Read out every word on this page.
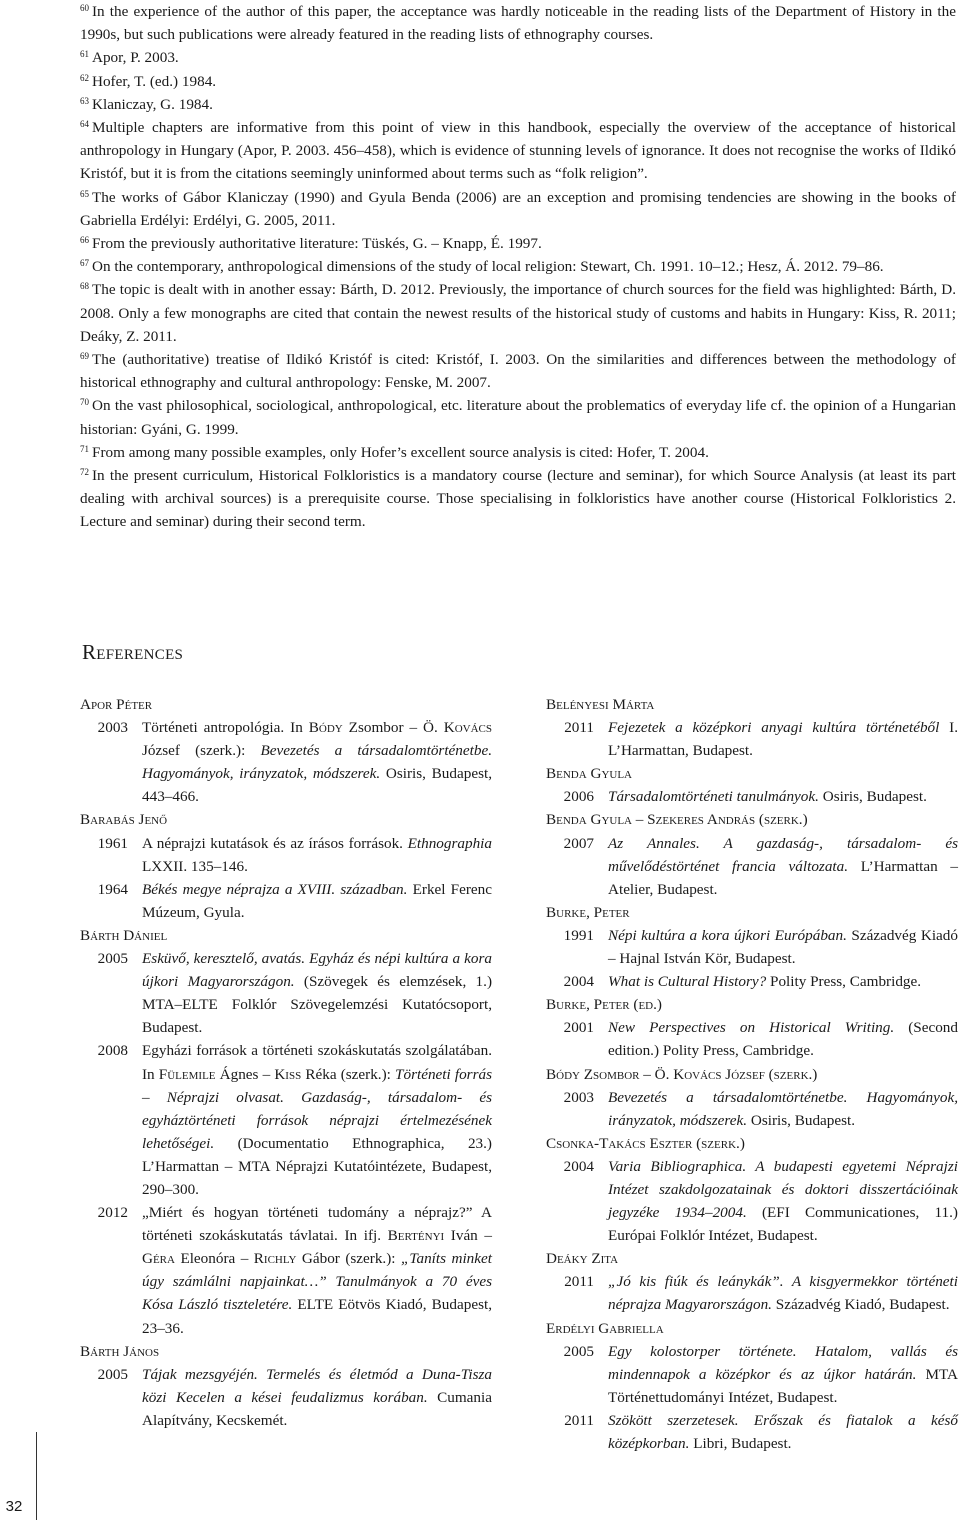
$^{60}$ In the experience of the author of this paper, the acceptance was hardly noticeable in the reading lists of the Department of History in the 1990s, but such publications were already featured in the reading lists of ethnography courses.

$^{61}$ Apor, P. 2003.

$^{62}$ Hofer, T. (ed.) 1984.

$^{63}$ Klaniczay, G. 1984.

$^{64}$ Multiple chapters are informative from this point of view in this handbook, especially the overview of the acceptance of historical anthropology in Hungary (Apor, P. 2003. 456–458), which is evidence of stunning levels of ignorance. It does not recognise the works of Ildikó Kristóf, but it is from the citations seemingly uninformed about terms such as “folk religion”.

$^{65}$ The works of Gábor Klaniczay (1990) and Gyula Benda (2006) are an exception and promising tendencies are showing in the books of Gabriella Erdélyi: Erdélyi, G. 2005, 2011.

$^{66}$ From the previously authoritative literature: Tüskés, G. – Knapp, É. 1997.

$^{67}$ On the contemporary, anthropological dimensions of the study of local religion: Stewart, Ch. 1991. 10–12.; Hesz, Á. 2012. 79–86.

$^{68}$ The topic is dealt with in another essay: Bárth, D. 2012. Previously, the importance of church sources for the field was highlighted: Bárth, D. 2008. Only a few monographs are cited that contain the newest results of the historical study of customs and habits in Hungary: Kiss, R. 2011; Deáky, Z. 2011.

$^{69}$ The (authoritative) treatise of Ildikó Kristóf is cited: Kristóf, I. 2003. On the similarities and differences between the methodology of historical ethnography and cultural anthropology: Fenske, M. 2007.

$^{70}$ On the vast philosophical, sociological, anthropological, etc. literature about the problematics of everyday life cf. the opinion of a Hungarian historian: Gyáni, G. 1999.

$^{71}$ From among many possible examples, only Hofer’s excellent source analysis is cited: Hofer, T. 2004.

$^{72}$ In the present curriculum, Historical Folkloristics is a mandatory course (lecture and seminar), for which Source Analysis (at least its part dealing with archival sources) is a prerequisite course. Those specialising in folkloristics have another course (Historical Folkloristics 2. Lecture and seminar) during their second term.

References
Apor Péter
2003 Történeti antropológia. In Bódy Zsombor – Ö. Kovács József (szerk.): Bevezetés a társadalomtörténetbe. Hagyományok, irányzatok, módszerek. Osiris, Budapest, 443–466.
Barabás Jenő
1961 A néprajzi kutatások és az írásos források. Ethnographia LXXII. 135–146.
1964 Békés megye néprajza a XVIII. században. Erkel Ferenc Múzeum, Gyula.
Bárth Dániel
2005 Esküvő, keresztelő, avatás. Egyház és népi kultúra a kora újkori Magyarországon. (Szövegek és elemzések, 1.) MTA–ELTE Folklór Szövegelemzési Kutatócsoport, Budapest.
2008 Egyházi források a történeti szokáskutatás szolgálatában. In Fülemile Ágnes – Kiss Réka (szerk.): Történeti forrás – Néprajzi olvasat. Gazdaság-, társadalom- és egyháztörténeti források néprajzi értelmezésének lehetőségei. (Documentatio Ethnographica, 23.) L’Harmattan – MTA Néprajzi Kutatóintézete, Budapest, 290–300.
2012 „Miért és hogyan történeti tudomány a néprajz?” A történeti szokáskutatás távlatai. In ifj. Bertényi Iván – Géra Eleonóra – Richly Gábor (szerk.): „Taníts minket úgy számlálni napjainkat…” Tanulmányok a 70 éves Kósa László tiszteletére. ELTE Eötvös Kiadó, Budapest, 23–36.
Bárth János
2005 Tájak mezsgyéjén. Termelés és életmód a Duna-Tisza közi Kecelen a kései feudalizmus korában. Cumania Alapítvány, Kecskemét.
Belényesi Márta
2011 Fejezetek a középkori anyagi kultúra történetéből I. L’Harmattan, Budapest.
Benda Gyula
2006 Társadalomtörténeti tanulmányok. Osiris, Budapest.
Benda Gyula – Szekeres András (szerk.)
2007 Az Annales. A gazdaság-, társadalom- és művelődéstörténet francia változata. L’Harmattan – Atelier, Budapest.
Burke, Peter
1991 Népi kultúra a kora újkori Európában. Századvég Kiadó – Hajnal István Kör, Budapest.
2004 What is Cultural History? Polity Press, Cambridge.
Burke, Peter (ed.)
2001 New Perspectives on Historical Writing. (Second edition.) Polity Press, Cambridge.
Bódy Zsombor – Ö. Kovács József (szerk.)
2003 Bevezetés a társadalomtörténetbe. Hagyományok, irányzatok, módszerek. Osiris, Budapest.
Csonka-Takács Eszter (szerk.)
2004 Varia Bibliographica. A budapesti egyetemi Néprajzi Intézet szakdolgozatainak és doktori disszertációinak jegyzéke 1934–2004. (EFI Communicationes, 11.) Európai Folklór Intézet, Budapest.
Deáky Zita
2011 „Jó kis fiúk és leánykák”. A kisgyermekkor történeti néprajza Magyarországon. Századvég Kiadó, Budapest.
Erdélyi Gabriella
2005 Egy kolostorper története. Hatalom, vallás és mindennapok a középkor és az újkor határán. MTA Történettudományi Intézet, Budapest.
2011 Szökött szerzetesek. Erőszak és fiatalok a késő középkorban. Libri, Budapest.
32
